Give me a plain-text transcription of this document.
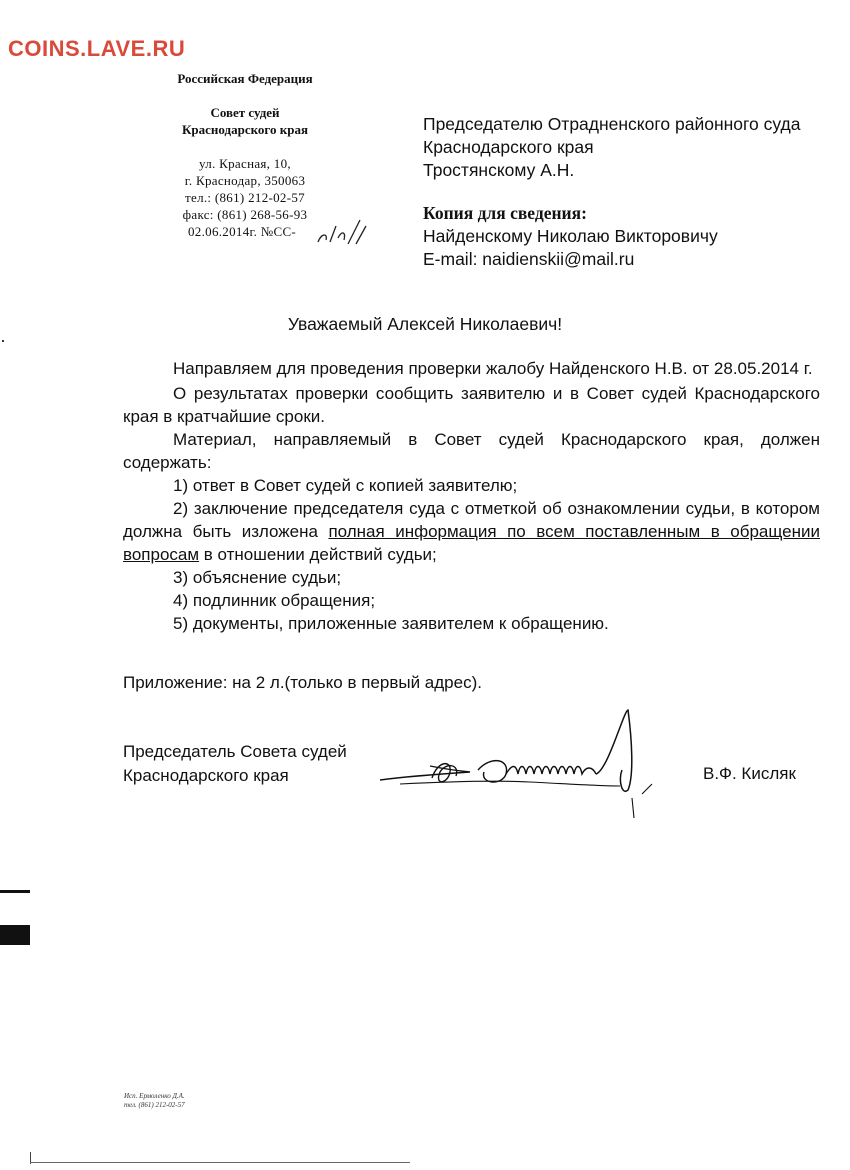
COINS.LAVE.RU
Российская Федерация
Совет судей
Краснодарского края
ул. Красная, 10,
г. Краснодар, 350063
тел.: (861) 212-02-57
факс: (861) 268-56-93
02.06.2014г. №СС-
Председателю Отрадненского районного суда
Краснодарского края
Тростянскому А.Н.
Копия для сведения:
Найденскому Николаю Викторовичу
E-mail: naidienskii@mail.ru
Уважаемый Алексей Николаевич!

Направляем для проведения проверки жалобу Найденского Н.В. от 28.05.2014 г.

О результатах проверки сообщить заявителю и в Совет судей Краснодарского края в кратчайшие сроки.

Материал, направляемый в Совет судей Краснодарского края, должен содержать:

1) ответ в Совет судей с копией заявителю;

2) заключение председателя суда с отметкой об ознакомлении судьи, в котором должна быть изложена полная информация по всем поставленным в обращении вопросам в отношении действий судьи;

3) объяснение судьи;

4) подлинник обращения;

5) документы, приложенные заявителем к обращению.

Приложение: на 2 л.(только в первый адрес).
Председатель Совета судей
Краснодарского края	В.Ф. Кисляк
Исп. Ермоленко Д.А.
тел. (861) 212-02-57
